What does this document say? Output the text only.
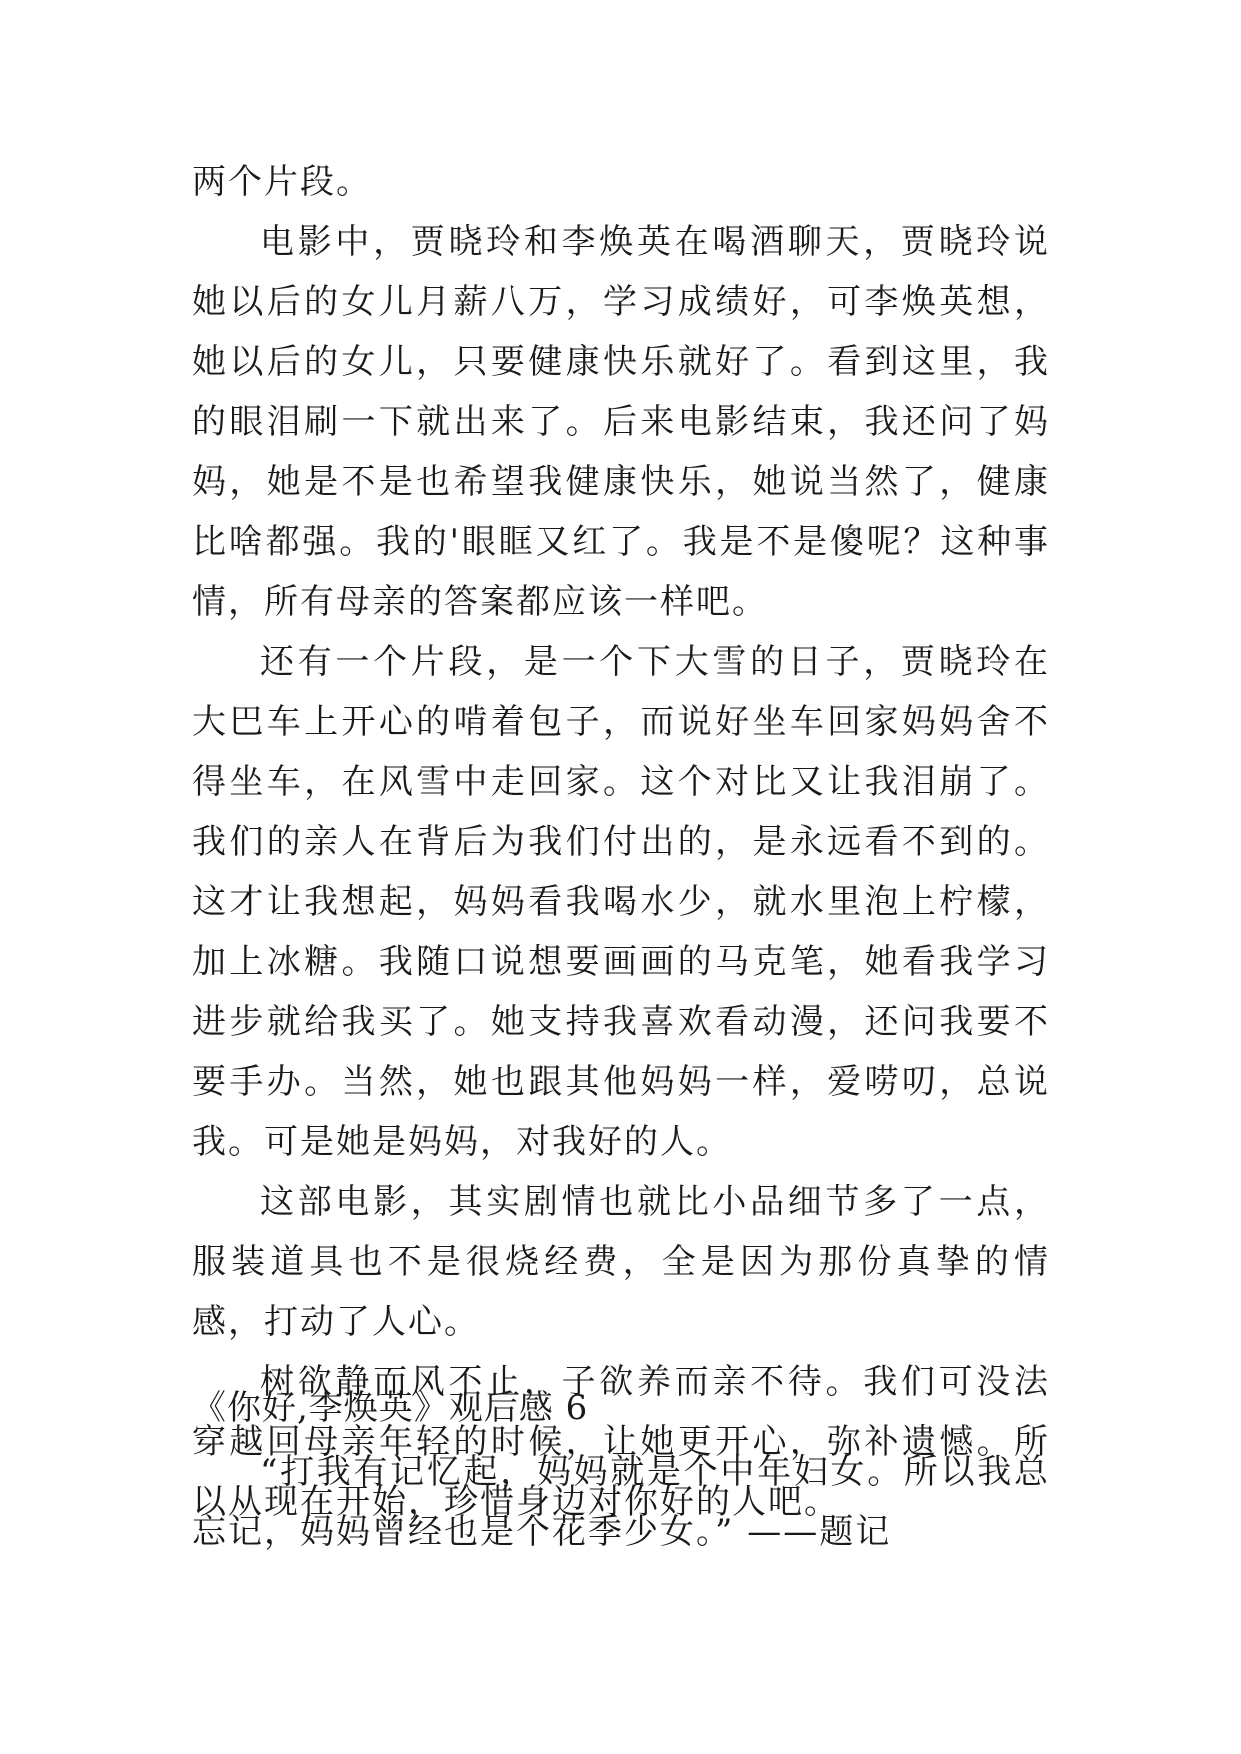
两个片段。

电影中，贾晓玲和李焕英在喝酒聊天，贾晓玲说她以后的女儿月薪八万，学习成绩好，可李焕英想，她以后的女儿，只要健康快乐就好了。看到这里，我的眼泪刷一下就出来了。后来电影结束，我还问了妈妈，她是不是也希望我健康快乐，她说当然了，健康比啥都强。我的'眼眶又红了。我是不是傻呢？这种事情，所有母亲的答案都应该一样吧。

还有一个片段，是一个下大雪的日子，贾晓玲在大巴车上开心的啃着包子，而说好坐车回家妈妈舍不得坐车，在风雪中走回家。这个对比又让我泪崩了。我们的亲人在背后为我们付出的，是永远看不到的。这才让我想起，妈妈看我喝水少，就水里泡上柠檬，加上冰糖。我随口说想要画画的马克笔，她看我学习进步就给我买了。她支持我喜欢看动漫，还问我要不要手办。当然，她也跟其他妈妈一样，爱唠叨，总说我。可是她是妈妈，对我好的人。

这部电影，其实剧情也就比小品细节多了一点，服装道具也不是很烧经费，全是因为那份真挚的情感，打动了人心。

树欲静而风不止，子欲养而亲不待。我们可没法穿越回母亲年轻的时候，让她更开心，弥补遗憾。所以从现在开始，珍惜身边对你好的人吧。

《你好,李焕英》观后感 6

“打我有记忆起，妈妈就是个中年妇女。所以我总忘记，妈妈曾经也是个花季少女。” ——题记
